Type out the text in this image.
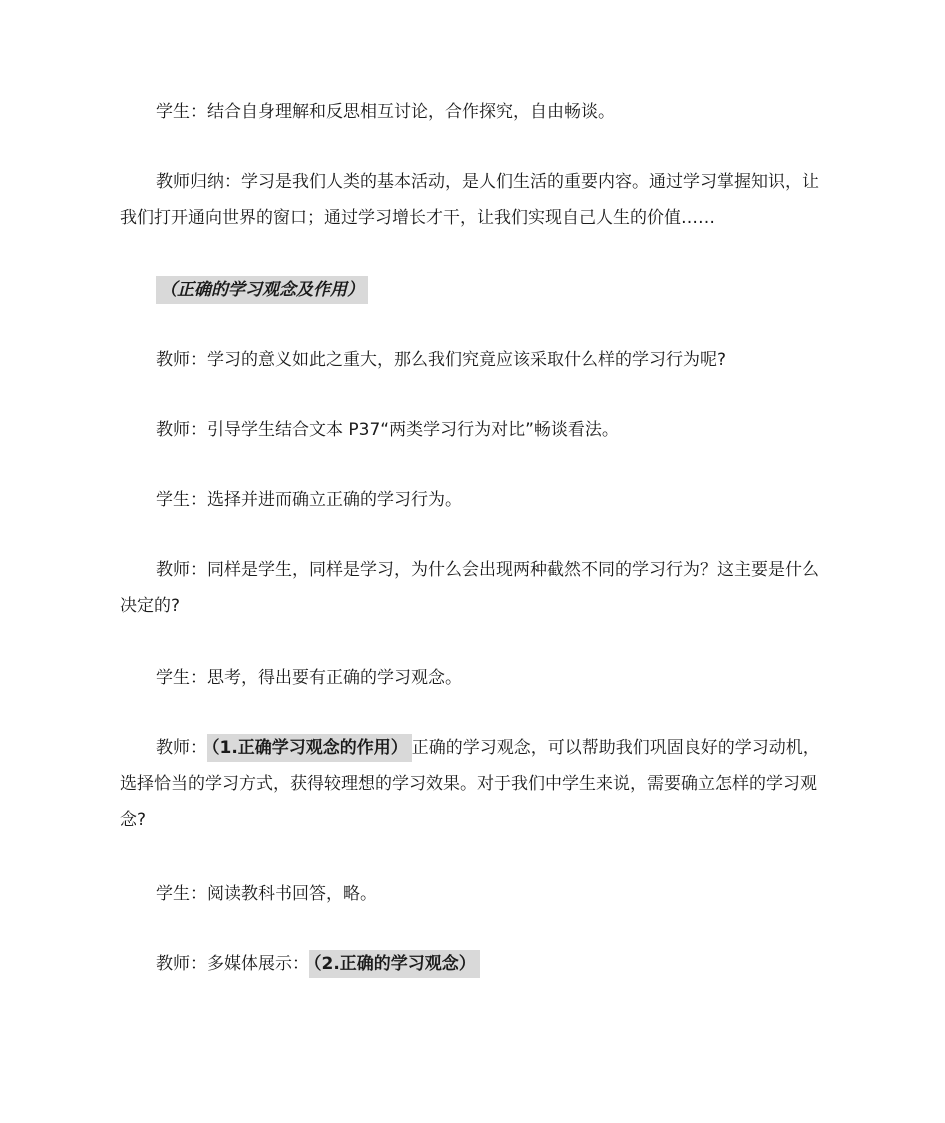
学生：结合自身理解和反思相互讨论，合作探究，自由畅谈。

教师归纳：学习是我们人类的基本活动，是人们生活的重要内容。通过学习掌握知识，让我们打开通向世界的窗口；通过学习增长才干，让我们实现自己人生的价值……

（正确的学习观念及作用）

教师：学习的意义如此之重大，那么我们究竟应该采取什么样的学习行为呢?

教师：引导学生结合文本 P37“两类学习行为对比”畅谈看法。

学生：选择并进而确立正确的学习行为。

教师：同样是学生，同样是学习，为什么会出现两种截然不同的学习行为？这主要是什么决定的?

学生：思考，得出要有正确的学习观念。

教师： （1.正确学习观念的作用） 正确的学习观念，可以帮助我们巩固良好的学习动机，选择恰当的学习方式，获得较理想的学习效果。对于我们中学生来说，需要确立怎样的学习观念?

学生：阅读教科书回答，略。

教师：多媒体展示： （2.正确的学习观念）
